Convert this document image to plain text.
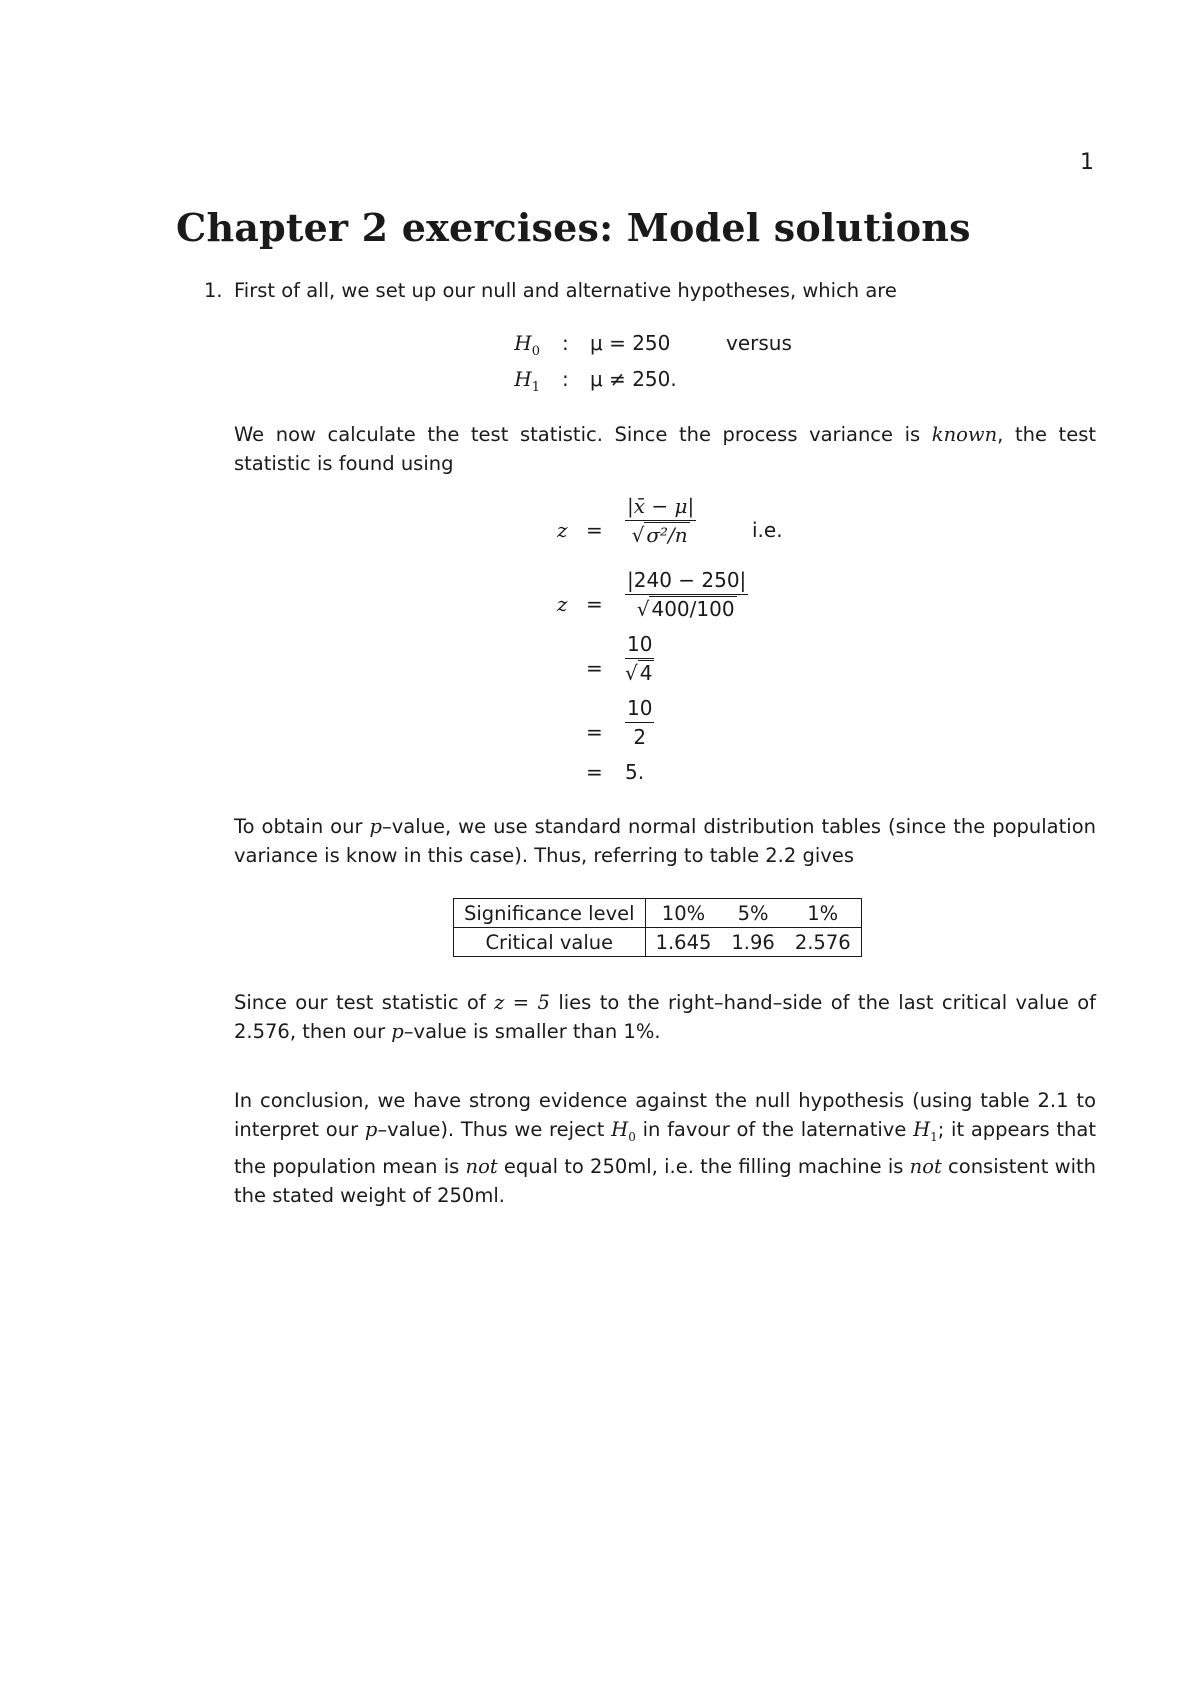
1
Chapter 2 exercises: Model solutions
1. First of all, we set up our null and alternative hypotheses, which are

$H_0$ : μ = 250	versus
$H_1$ : μ ≠ 250.

We now calculate the test statistic. Since the process variance is known, the test statistic is found using

$z = \frac{|x̄ - \mu|}{\text{√ σ²/n}}$	i.e.
$z = \frac{|240 - 250|}{√ 400/100}$
= $\frac{10}{√ 4}$
= $\frac{10}{2}$
= 5.

To obtain our p–value, we use standard normal distribution tables (since the population variance is know in this case). Thus, referring to table 2.2 gives

Significance level	10%	5%	1%
Critical value	1.645	1.96	2.576

Since our test statistic of z = 5 lies to the right–hand–side of the last critical value of 2.576, then our p–value is smaller than 1%.

In conclusion, we have strong evidence against the null hypothesis (using table 2.1 to interpret our p–value). Thus we reject $H_0$ in favour of the laternative $H_1$; it appears that the population mean is not equal to 250ml, i.e. the filling machine is not consistent with the stated weight of 250ml.
